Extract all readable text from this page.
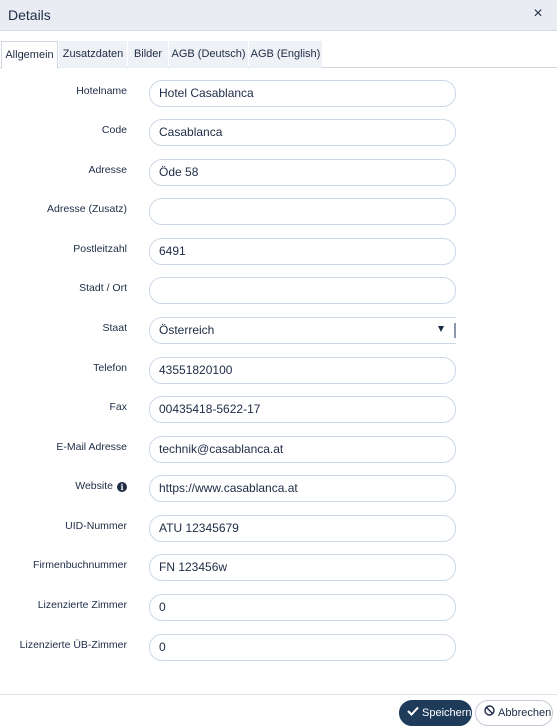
Details	×
Allgemein Zusatzdaten Bilder AGB (Deutsch) AGB (English)
Hotelname	Hotel Casablanca
Code	Casablanca
Adresse	Öde 58
Adresse (Zusatz)
Postleitzahl	6491
Stadt / Ort
Staat	Österreich
Telefon	43551820100
Fax	00435418-5622-17
E-Mail Adresse	technik@casablanca.at
Website i	https://www.casablanca.at
UID-Nummer	ATU 12345679
Firmenbuchnummer	FN 123456w
Lizenzierte Zimmer	0
Lizenzierte ÜB-Zimmer	0
Speichern	Abbrechen
